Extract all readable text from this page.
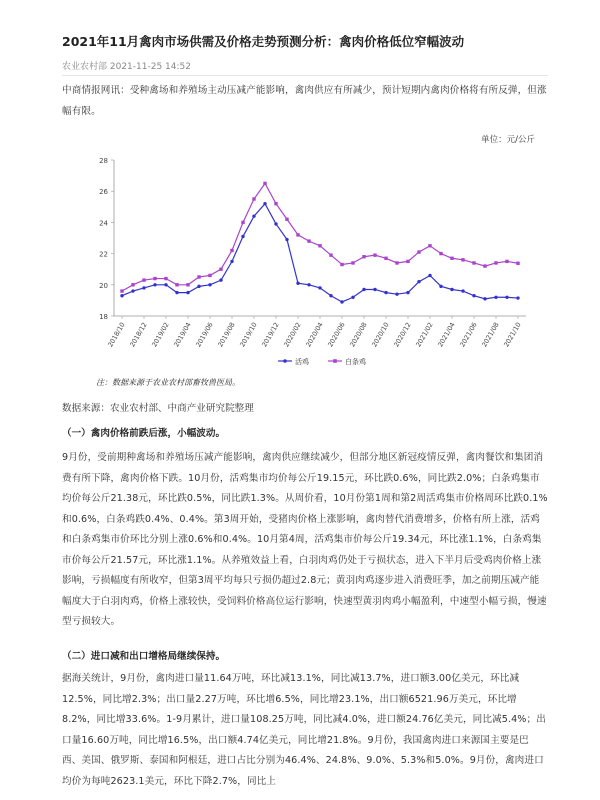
2021年11月禽肉市场供需及价格走势预测分析：禽肉价格低位窄幅波动
农业农村部 2021-11-25 14:52
中商情报网讯：受种禽场和养殖场主动压减产能影响，禽肉供应有所减少，预计短期内禽肉价格将有所反弹，但涨幅有限。
单位：元/公斤
18
20
22
24
26
28
2018/10 2018/12 2019/02 2019/04 2019/06 2019/08 2019/10 2019/12 2020/02 2020/04 2020/06 2020/08 2020/10 2020/12 2021/02 2021/04 2021/06 2021/08 2021/10
活鸡	白条鸡
注：数据来源于农业农村部畜牧兽医局。
数据来源：农业农村部、中商产业研究院整理
（一）禽肉价格前跌后涨，小幅波动。
9月份，受前期种禽场和养殖场压减产能影响，禽肉供应继续减少，但部分地区新冠疫情反弹，禽肉餐饮和集团消费有所下降，禽肉价格下跌。10月份，活鸡集市均价每公斤19.15元，环比跌0.6%，同比跌2.0%；白条鸡集市均价每公斤21.38元，环比跌0.5%，同比跌1.3%。从周价看，10月份第1周和第2周活鸡集市价格周环比跌0.1%和0.6%，白条鸡跌0.4%、0.4%。第3周开始，受猪肉价格上涨影响，禽肉替代消费增多，价格有所上涨，活鸡和白条鸡集市价环比分别上涨0.6%和0.4%。10月第4周，活鸡集市价每公斤19.34元，环比涨1.1%，白条鸡集市价每公斤21.57元，环比涨1.1%。从养殖效益上看，白羽肉鸡仍处于亏损状态，进入下半月后受鸡肉价格上涨影响，亏损幅度有所收窄，但第3周平均每只亏损仍超过2.8元；黄羽肉鸡逐步进入消费旺季，加之前期压减产能幅度大于白羽肉鸡，价格上涨较快，受饲料价格高位运行影响，快速型黄羽肉鸡小幅盈利，中速型小幅亏损，慢速型亏损较大。
（二）进口减和出口增格局继续保持。
据海关统计，9月份，禽肉进口量11.64万吨，环比减13.1%，同比减13.7%，进口额3.00亿美元，环比减12.5%，同比增2.3%；出口量2.27万吨，环比增6.5%，同比增23.1%，出口额6521.96万美元，环比增8.2%，同比增33.6%。1-9月累计，进口量108.25万吨，同比减4.0%，进口额24.76亿美元，同比减5.4%；出口量16.60万吨，同比增16.5%，出口额4.74亿美元，同比增21.8%。9月份，我国禽肉进口来源国主要是巴西、美国、俄罗斯、泰国和阿根廷，进口占比分别为46.4%、24.8%、9.0%、5.3%和5.0%。9月份，禽肉进口均价为每吨2623.1美元，环比下降2.7%，同比上
